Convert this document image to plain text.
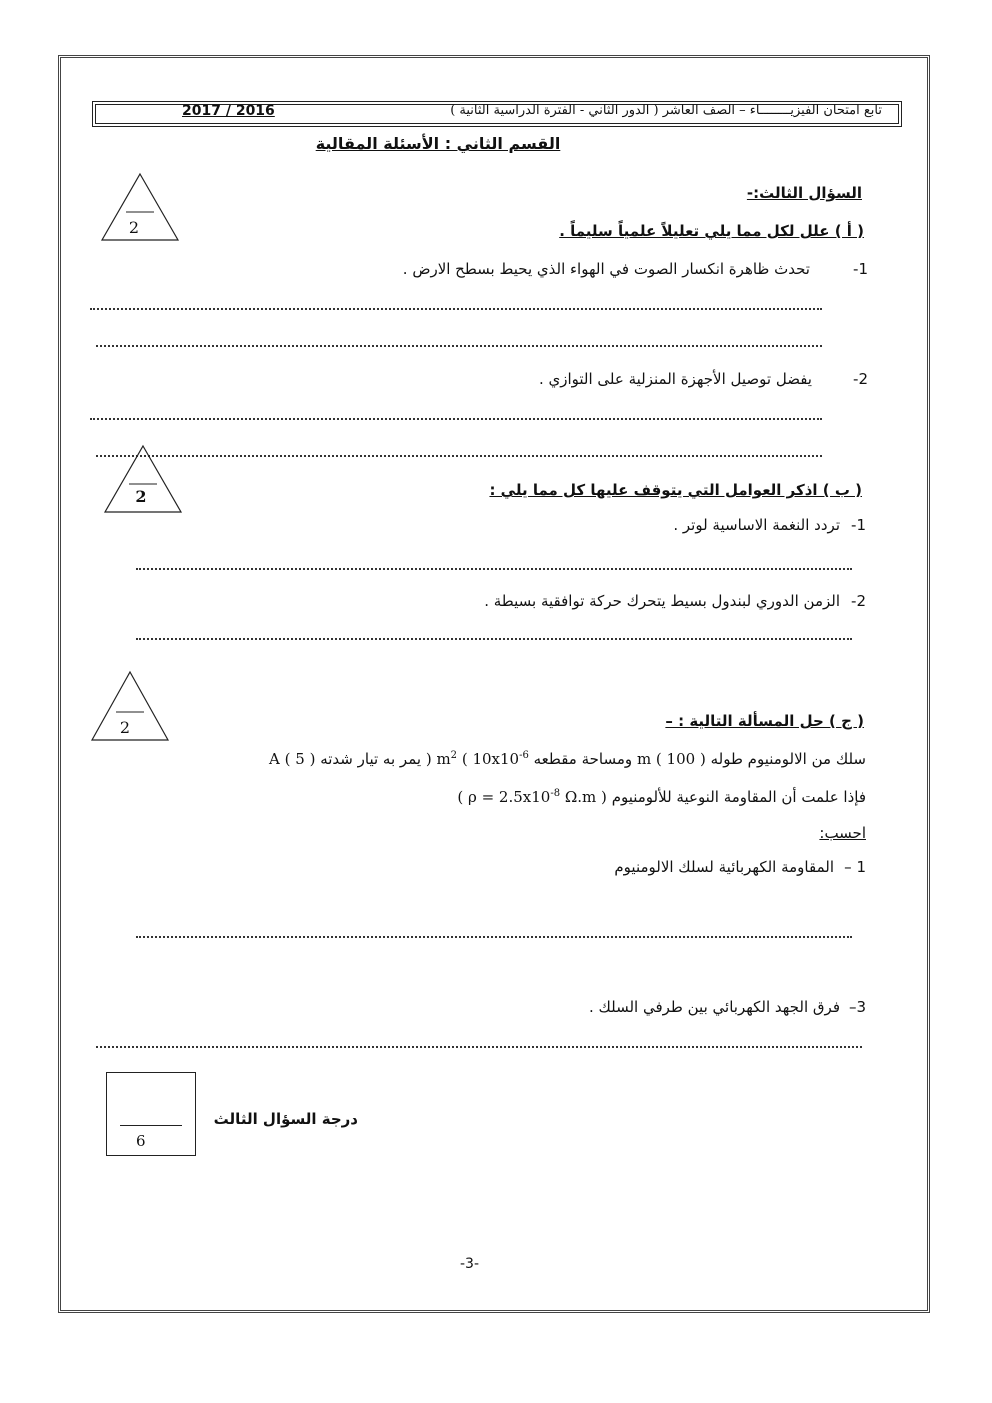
تابع امتحان الفيزيــــــــاء – الصف العاشر ( الدور الثاني - الفترة الدراسية الثانية )
2017 / 2016
القسم الثاني : الأسئلة المقالية
السؤال الثالث:-
2	( أ ) علل لكل مما يلي تعليلاً علمياً سليماً .
1-
تحدث ظاهرة انكسار الصوت في الهواء الذي يحيط بسطح الارض .
2-
يفضل توصيل الأجهزة المنزلية على التوازي .
2	( ب ) اذكر العوامل التي يتوقف عليها كل مما يلي :
1-
تردد النغمة الاساسية لوتر .
2-
الزمن الدوري لبندول بسيط يتحرك حركة توافقية بسيطة .
2	( ج ) حل المسألة التالية : –
A ( 5 ) يمر به تيار شدته ) $m^2$ ( $10x10^{-6}$ ومساحة مقطعه m ( 100 ) سلك من الالومنيوم طوله
( $\rho = 2.5x10^{-8}$ Ω.m ) فإذا علمت أن المقاومة النوعية للألومنيوم
احسب:
1 –
المقاومة الكهربائية لسلك الالومنيوم
3–
فرق الجهد الكهربائي بين طرفي السلك .
6
درجة السؤال الثالث
-3-
